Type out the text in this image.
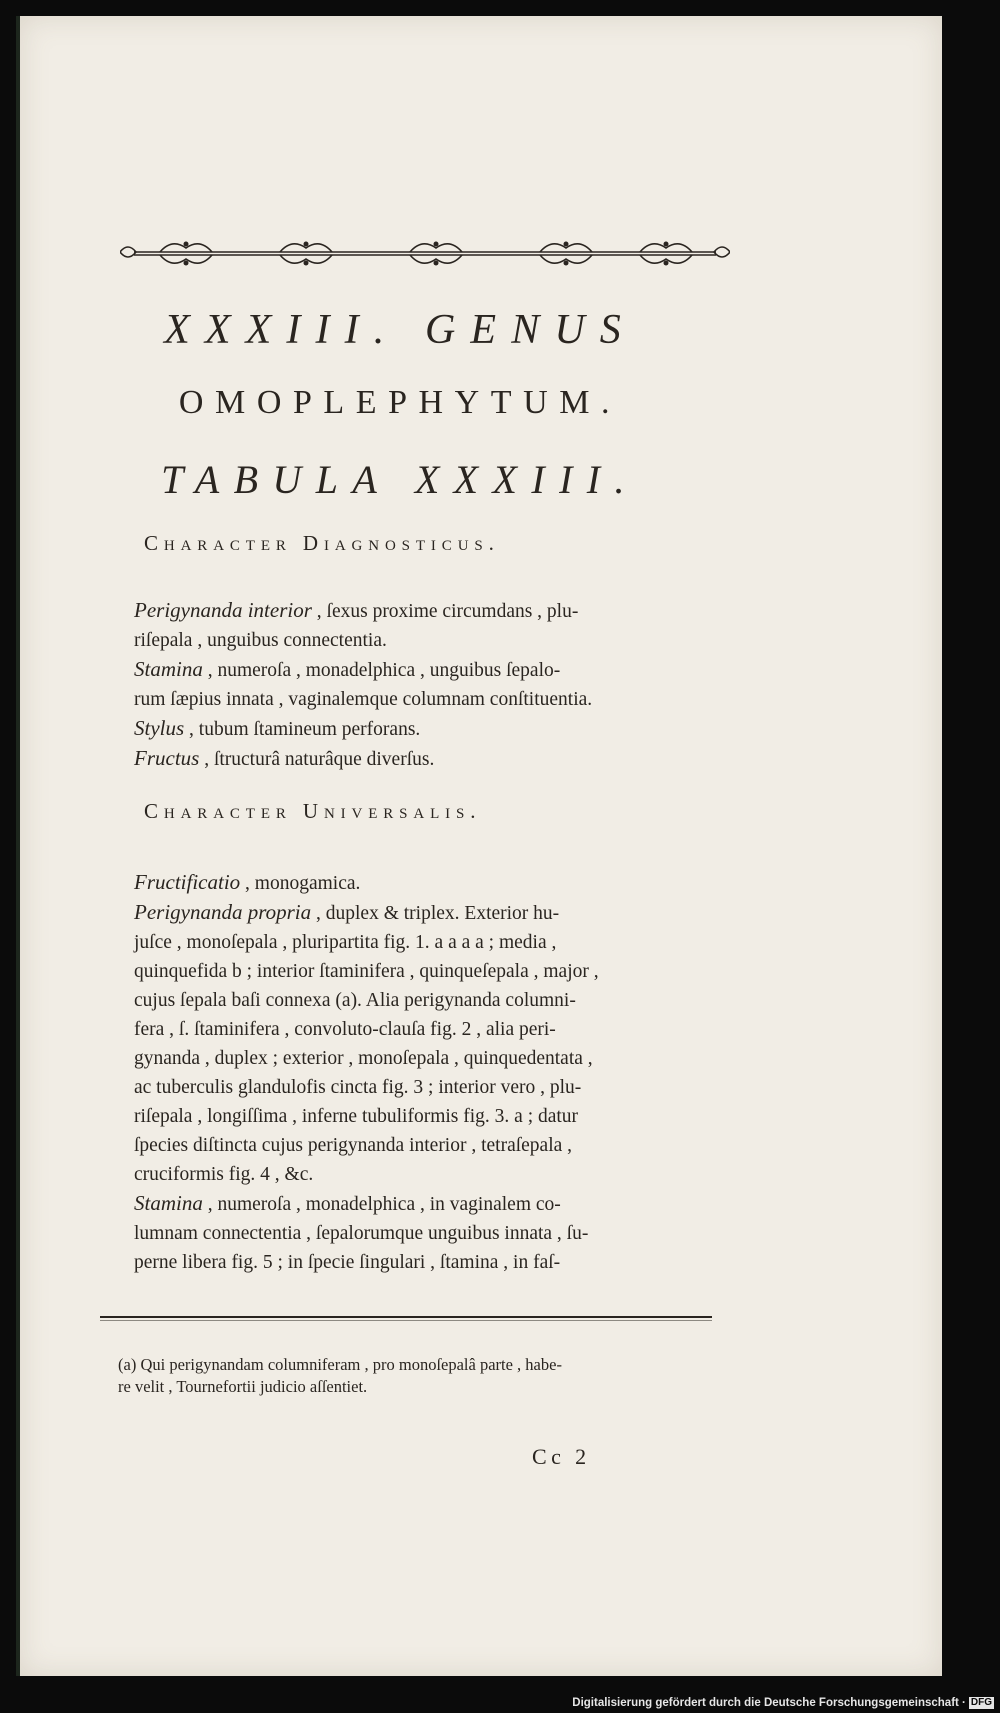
XXXIII. GENUS
OMOPLEPHYTUM.
TABULA XXXIII.
Character Diagnosticus.
Perigynanda interior , ſexus proxime circumdans , plu-
riſepala , unguibus connectentia.
Stamina , numeroſa , monadelphica , unguibus ſepalo-
rum ſæpius innata , vaginalemque columnam conſtituentia.
Stylus , tubum ſtamineum perforans.
Fructus , ſtructurâ naturâque diverſus.
Character Universalis.
Fructificatio , monogamica.
Perigynanda propria , duplex & triplex. Exterior hu-
juſce , monoſepala , pluripartita fig. 1. a a a a ; media ,
quinquefida b ; interior ſtaminifera , quinqueſepala , major ,
cujus ſepala baſi connexa (a). Alia perigynanda columni-
fera , ſ. ſtaminifera , convoluto-clauſa fig. 2 , alia peri-
gynanda , duplex ; exterior , monoſepala , quinquedentata ,
ac tuberculis glandulofis cincta fig. 3 ; interior vero , plu-
riſepala , longiſſima , inferne tubuliformis fig. 3. a ; datur
ſpecies diſtincta cujus perigynanda interior , tetraſepala ,
cruciformis fig. 4 , &c.
Stamina , numeroſa , monadelphica , in vaginalem co-
lumnam connectentia , ſepalorumque unguibus innata , ſu-
perne libera fig. 5 ; in ſpecie ſingulari , ſtamina , in faſ-
(a) Qui perigynandam columniferam , pro monoſepalâ parte , habe-
re velit , Tournefortii judicio aſſentiet.
Cc 2
Digitalisierung gefördert durch die Deutsche Forschungsgemeinschaft · DFG
